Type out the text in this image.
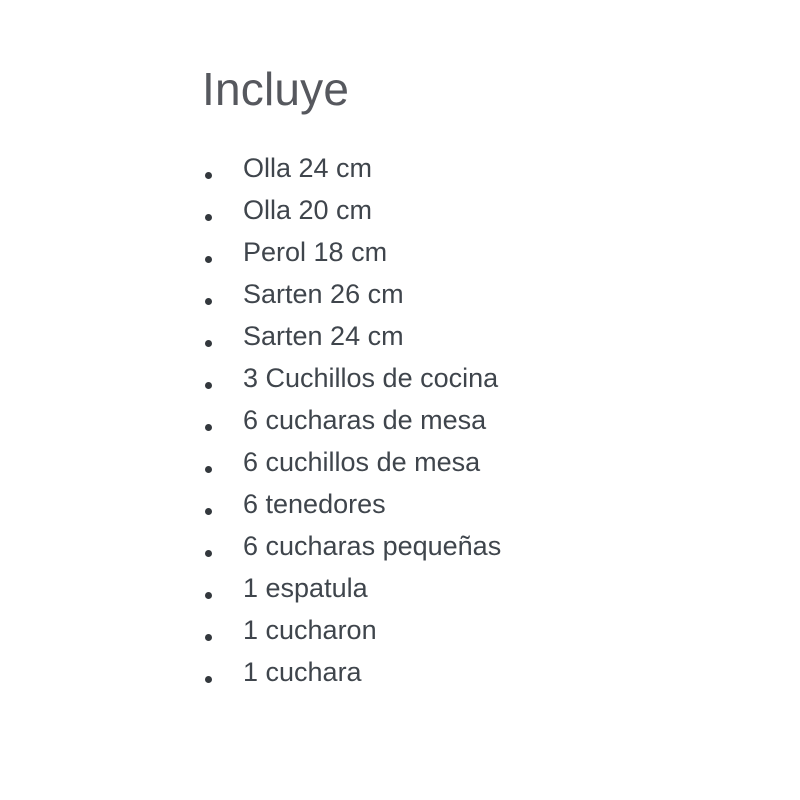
Incluye
Olla 24 cm
Olla 20 cm
Perol 18 cm
Sarten 26 cm
Sarten 24 cm
3 Cuchillos de cocina
6 cucharas de mesa
6 cuchillos de mesa
6 tenedores
6 cucharas pequeñas
1 espatula
1 cucharon
1 cuchara
